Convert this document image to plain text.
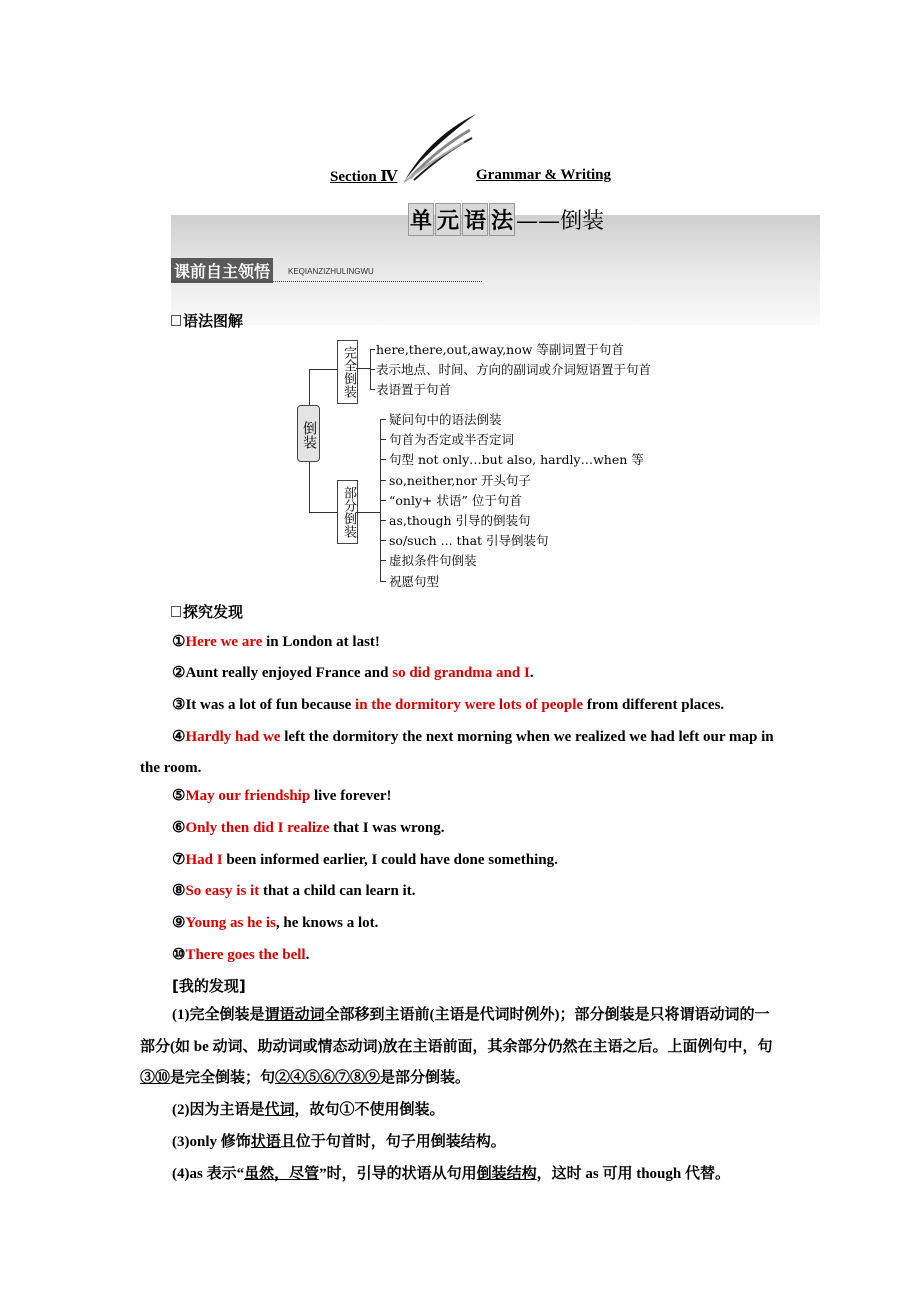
Section Ⅳ	Grammar & Writing
单 元 语 法 ——倒装
课前自主领悟	KEQIANZIZHULINGWU
语法图解
倒装
完全倒装
部分倒装
探究发现
[我的发现]
here,there,out,away,now 等副词置于句首
表示地点、时间、方向的副词或介词短语置于句首
表语置于句首
疑问句中的语法倒装
句首为否定或半否定词
句型 not only…but also, hardly…when 等
so,neither,nor 开头句子
“only+ 状语” 位于句首
as,though 引导的倒装句
so/such ... that 引导倒装句
虚拟条件句倒装
祝愿句型
①Here we are in London at last!
②Aunt really enjoyed France and so did grandma and I.
③It was a lot of fun because in the dormitory were lots of people from different places.
④Hardly had we left the dormitory the next morning when we realized we had left our map in the room.
⑤May our friendship live forever!
⑥Only then did I realize that I was wrong.
⑦Had I been informed earlier, I could have done something.
⑧So easy is it that a child can learn it.
⑨Young as he is, he knows a lot.
⑩There goes the bell.
(1)完全倒装是谓语动词全部移到主语前(主语是代词时例外)；部分倒装是只将谓语动词的一部分(如 be 动词、助动词或情态动词)放在主语前面，其余部分仍然在主语之后。上面例句中，句③⑩是完全倒装；句②④⑤⑥⑦⑧⑨是部分倒装。
(2)因为主语是代词，故句①不使用倒装。
(3)only 修饰状语且位于句首时，句子用倒装结构。
(4)as 表示“虽然，尽管”时，引导的状语从句用倒装结构，这时 as 可用 though 代替。
